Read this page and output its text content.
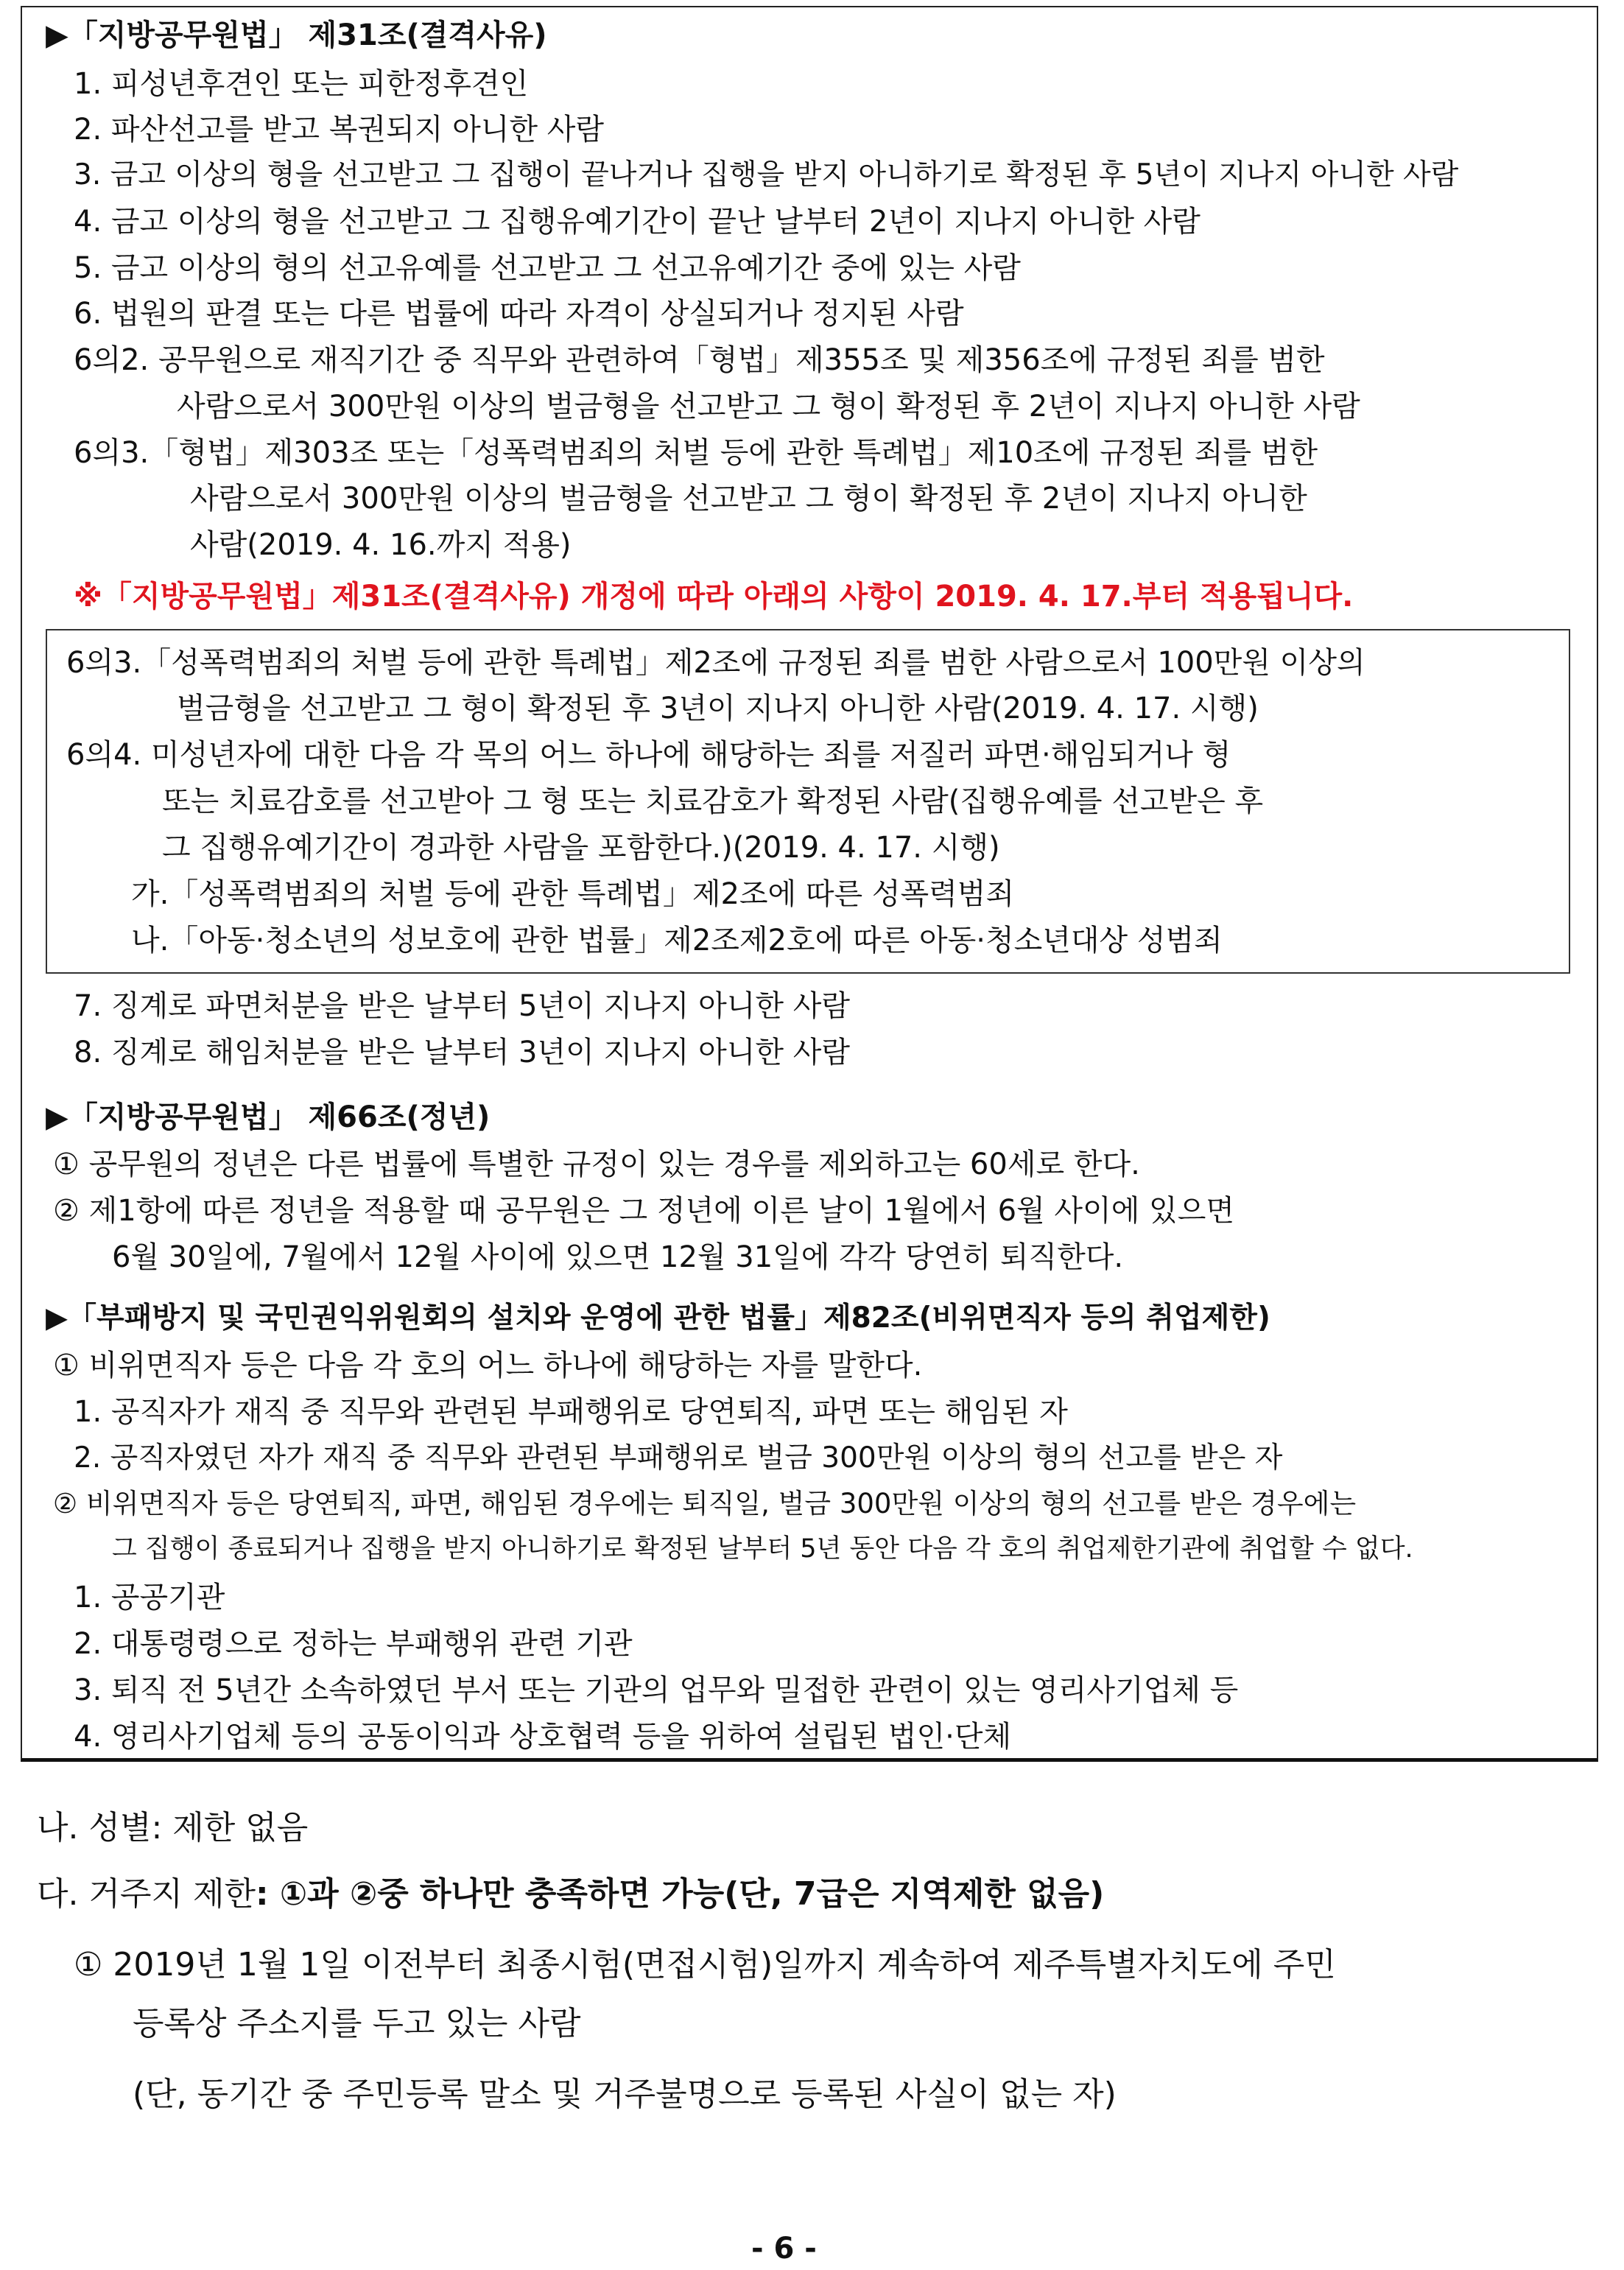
▶「지방공무원법」 제31조(결격사유)
1. 피성년후견인 또는 피한정후견인
2. 파산선고를 받고 복권되지 아니한 사람
3. 금고 이상의 형을 선고받고 그 집행이 끝나거나 집행을 받지 아니하기로 확정된 후 5년이 지나지 아니한 사람
4. 금고 이상의 형을 선고받고 그 집행유예기간이 끝난 날부터 2년이 지나지 아니한 사람
5. 금고 이상의 형의 선고유예를 선고받고 그 선고유예기간 중에 있는 사람
6. 법원의 판결 또는 다른 법률에 따라 자격이 상실되거나 정지된 사람
6의2. 공무원으로 재직기간 중 직무와 관련하여「형법」제355조 및 제356조에 규정된 죄를 범한
사람으로서 300만원 이상의 벌금형을 선고받고 그 형이 확정된 후 2년이 지나지 아니한 사람
6의3.「형법」제303조 또는「성폭력범죄의 처벌 등에 관한 특례법」제10조에 규정된 죄를 범한
사람으로서 300만원 이상의 벌금형을 선고받고 그 형이 확정된 후 2년이 지나지 아니한
사람(2019. 4. 16.까지 적용)
※「지방공무원법」제31조(결격사유) 개정에 따라 아래의 사항이 2019. 4. 17.부터 적용됩니다.
6의3.「성폭력범죄의 처벌 등에 관한 특례법」제2조에 규정된 죄를 범한 사람으로서 100만원 이상의
벌금형을 선고받고 그 형이 확정된 후 3년이 지나지 아니한 사람(2019. 4. 17. 시행)
6의4. 미성년자에 대한 다음 각 목의 어느 하나에 해당하는 죄를 저질러 파면·해임되거나 형
또는 치료감호를 선고받아 그 형 또는 치료감호가 확정된 사람(집행유예를 선고받은 후
그 집행유예기간이 경과한 사람을 포함한다.)(2019. 4. 17. 시행)
가.「성폭력범죄의 처벌 등에 관한 특례법」제2조에 따른 성폭력범죄
나.「아동·청소년의 성보호에 관한 법률」제2조제2호에 따른 아동·청소년대상 성범죄
7. 징계로 파면처분을 받은 날부터 5년이 지나지 아니한 사람
8. 징계로 해임처분을 받은 날부터 3년이 지나지 아니한 사람
▶「지방공무원법」 제66조(정년)
① 공무원의 정년은 다른 법률에 특별한 규정이 있는 경우를 제외하고는 60세로 한다.
② 제1항에 따른 정년을 적용할 때 공무원은 그 정년에 이른 날이 1월에서 6월 사이에 있으면
6월 30일에, 7월에서 12월 사이에 있으면 12월 31일에 각각 당연히 퇴직한다.
▶「부패방지 및 국민권익위원회의 설치와 운영에 관한 법률」제82조(비위면직자 등의 취업제한)
① 비위면직자 등은 다음 각 호의 어느 하나에 해당하는 자를 말한다.
1. 공직자가 재직 중 직무와 관련된 부패행위로 당연퇴직, 파면 또는 해임된 자
2. 공직자였던 자가 재직 중 직무와 관련된 부패행위로 벌금 300만원 이상의 형의 선고를 받은 자
② 비위면직자 등은 당연퇴직, 파면, 해임된 경우에는 퇴직일, 벌금 300만원 이상의 형의 선고를 받은 경우에는
그 집행이 종료되거나 집행을 받지 아니하기로 확정된 날부터 5년 동안 다음 각 호의 취업제한기관에 취업할 수 없다.
1. 공공기관
2. 대통령령으로 정하는 부패행위 관련 기관
3. 퇴직 전 5년간 소속하였던 부서 또는 기관의 업무와 밀접한 관련이 있는 영리사기업체 등
4. 영리사기업체 등의 공동이익과 상호협력 등을 위하여 설립된 법인·단체
나. 성별: 제한 없음
다. 거주지 제한: ①과 ②중 하나만 충족하면 가능(단, 7급은 지역제한 없음)
① 2019년 1월 1일 이전부터 최종시험(면접시험)일까지 계속하여 제주특별자치도에 주민
등록상 주소지를 두고 있는 사람
(단, 동기간 중 주민등록 말소 및 거주불명으로 등록된 사실이 없는 자)
- 6 -
